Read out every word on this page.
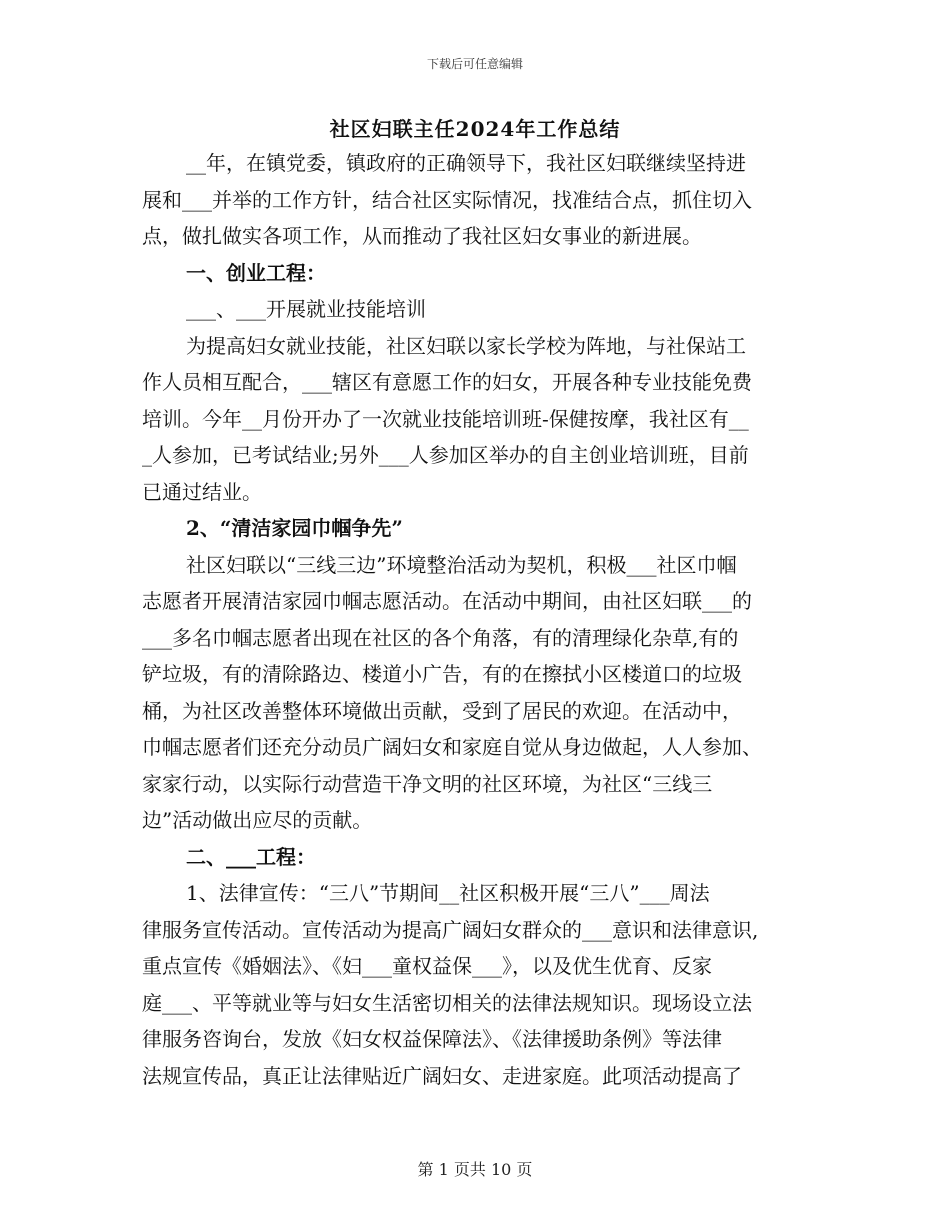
下载后可任意编辑
社区妇联主任2024年工作总结
__年，在镇党委，镇政府的正确领导下，我社区妇联继续坚持进
展和___并举的工作方针，结合社区实际情况，找准结合点，抓住切入
点，做扎做实各项工作，从而推动了我社区妇女事业的新进展。
一、创业工程：
___、___开展就业技能培训
为提高妇女就业技能，社区妇联以家长学校为阵地，与社保站工
作人员相互配合，___辖区有意愿工作的妇女，开展各种专业技能免费
培训。今年__月份开办了一次就业技能培训班-保健按摩，我社区有__
_人参加，已考试结业;另外___人参加区举办的自主创业培训班，目前
已通过结业。
2、“清洁家园巾帼争先”
社区妇联以“三线三边”环境整治活动为契机，积极___社区巾帼
志愿者开展清洁家园巾帼志愿活动。在活动中期间，由社区妇联___的
___多名巾帼志愿者出现在社区的各个角落，有的清理绿化杂草,有的
铲垃圾，有的清除路边、楼道小广告，有的在擦拭小区楼道口的垃圾
桶，为社区改善整体环境做出贡献，受到了居民的欢迎。在活动中，
巾帼志愿者们还充分动员广阔妇女和家庭自觉从身边做起，人人参加、
家家行动，以实际行动营造干净文明的社区环境，为社区“三线三
边”活动做出应尽的贡献。
二、___工程：
1、法律宣传：“三八”节期间__社区积极开展“三八”___周法
律服务宣传活动。宣传活动为提高广阔妇女群众的___意识和法律意识,
重点宣传《婚姻法》、《妇___童权益保___》，以及优生优育、反家
庭___、平等就业等与妇女生活密切相关的法律法规知识。现场设立法
律服务咨询台，发放《妇女权益保障法》、《法律援助条例》等法律
法规宣传品，真正让法律贴近广阔妇女、走进家庭。此项活动提高了
第 1 页共 10 页
